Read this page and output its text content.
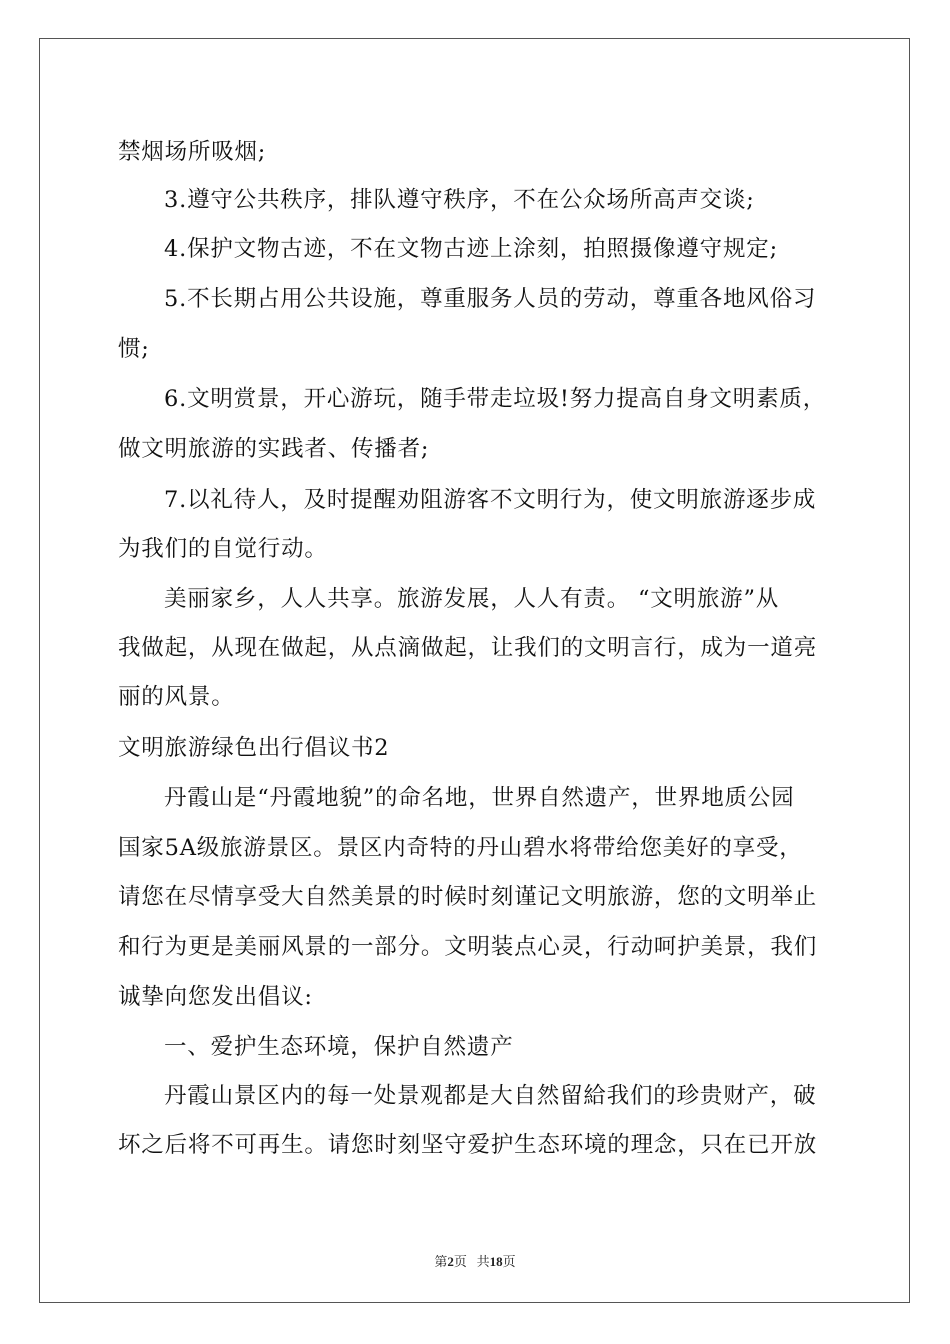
禁烟场所吸烟;
3.遵守公共秩序，排队遵守秩序，不在公众场所高声交谈;
4.保护文物古迹，不在文物古迹上涂刻，拍照摄像遵守规定;
5.不长期占用公共设施，尊重服务人员的劳动，尊重各地风俗习
惯;
6.文明赏景，开心游玩，随手带走垃圾!努力提高自身文明素质，
做文明旅游的实践者、传播者;
7.以礼待人，及时提醒劝阻游客不文明行为，使文明旅游逐步成
为我们的自觉行动。
美丽家乡，人人共享。旅游发展，人人有责。 “文明旅游”从
我做起，从现在做起，从点滴做起，让我们的文明言行，成为一道亮
丽的风景。
文明旅游绿色出行倡议书2
丹霞山是“丹霞地貌”的命名地，世界自然遗产，世界地质公园
国家5A级旅游景区。景区内奇特的丹山碧水将带给您美好的享受，
请您在尽情享受大自然美景的时候时刻谨记文明旅游，您的文明举止
和行为更是美丽风景的一部分。文明装点心灵，行动呵护美景，我们
诚挚向您发出倡议:
一、爱护生态环境，保护自然遗产
丹霞山景区内的每一处景观都是大自然留給我们的珍贵财产，破
坏之后将不可再生。请您时刻坚守爱护生态环境的理念，只在已开放
第2页 共18页
